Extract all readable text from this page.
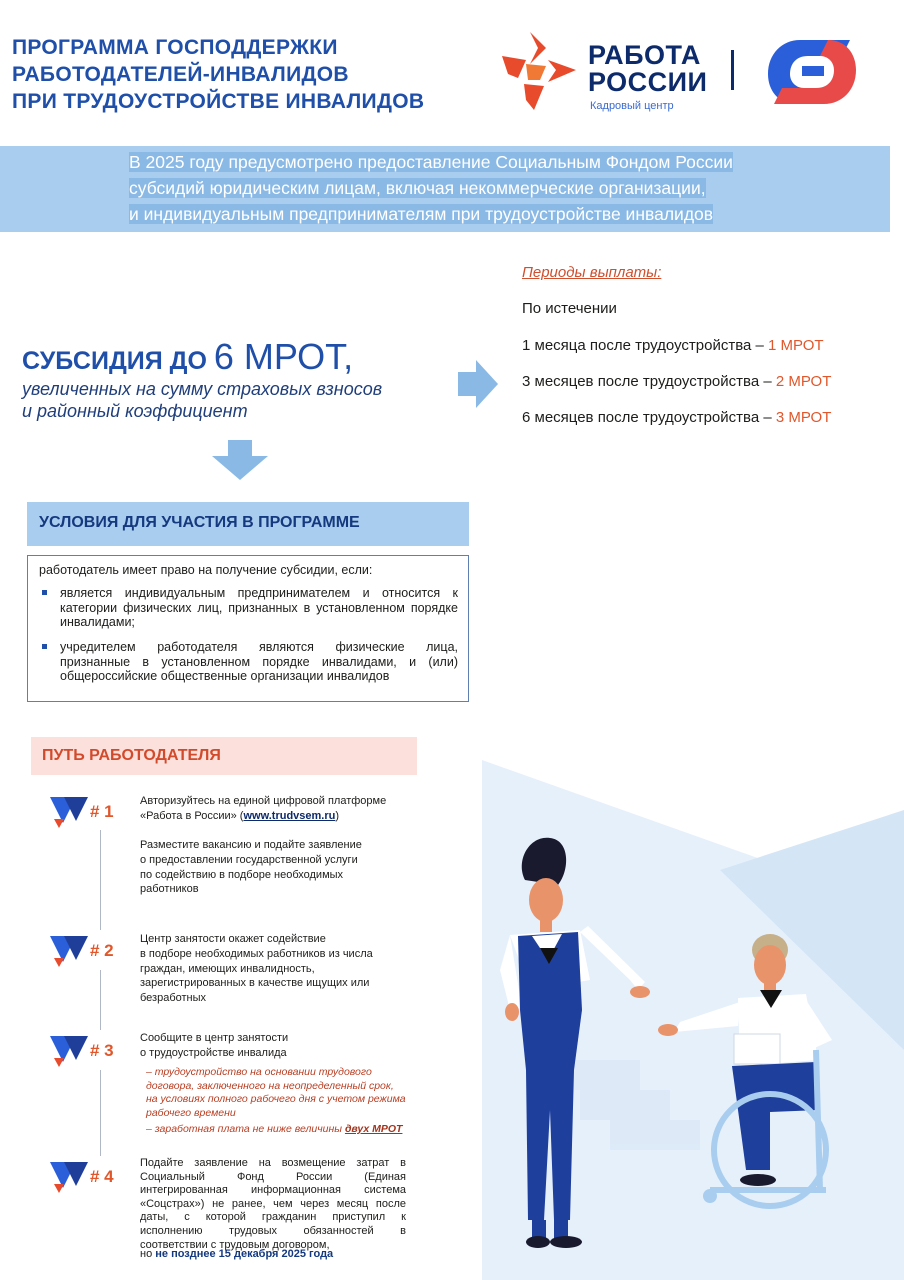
ПРОГРАММА ГОСПОДДЕРЖКИ
РАБОТОДАТЕЛЕЙ-ИНВАЛИДОВ
ПРИ ТРУДОУСТРОЙСТВЕ ИНВАЛИДОВ
РАБОТА
РОССИИ
Кадровый центр
В 2025 году предусмотрено предоставление Социальным Фондом России
субсидий юридическим лицам, включая некоммерческие организации,
и индивидуальным предпринимателям при трудоустройстве инвалидов
СУБСИДИЯ ДО 6 МРОТ,
увеличенных на сумму страховых взносов
и районный коэффициент
Периоды выплаты:
По истечении
1 месяца после трудоустройства – 1 МРОТ
3 месяцев после трудоустройства – 2 МРОТ
6 месяцев после трудоустройства – 3 МРОТ
УСЛОВИЯ ДЛЯ УЧАСТИЯ В ПРОГРАММЕ
работодатель имеет право на получение субсидии, если:
является индивидуальным предпринимателем и относится к категории физических лиц, признанных в установленном порядке инвалидами;
учредителем работодателя являются физические лица, признанные в установленном порядке инвалидами, и (или) общероссийские общественные организации инвалидов
ПУТЬ РАБОТОДАТЕЛЯ
# 1
# 2
# 3
# 4
Авторизуйтесь на единой цифровой платформе
«Работа в России» (www.trudvsem.ru)
Разместите вакансию и подайте заявление
о предоставлении государственной услуги
по содействию в подборе необходимых
работников
Центр занятости окажет содействие
в подборе необходимых работников из числа
граждан, имеющих инвалидность,
зарегистрированных в качестве ищущих или
безработных
Сообщите в центр занятости
о трудоустройстве инвалида
– трудоустройство на основании трудового
договора, заключенного на неопределенный срок,
на условиях полного рабочего дня с учетом режима
рабочего времени
– заработная плата не ниже величины двух МРОТ
Подайте заявление на возмещение затрат в Социальный Фонд России (Единая интегрированная информационная система «Соцстрах») не ранее, чем через месяц после даты, с которой гражданин приступил к исполнению трудовых обязанностей в соответствии с трудовым договором,
но не позднее 15 декабря 2025 года
